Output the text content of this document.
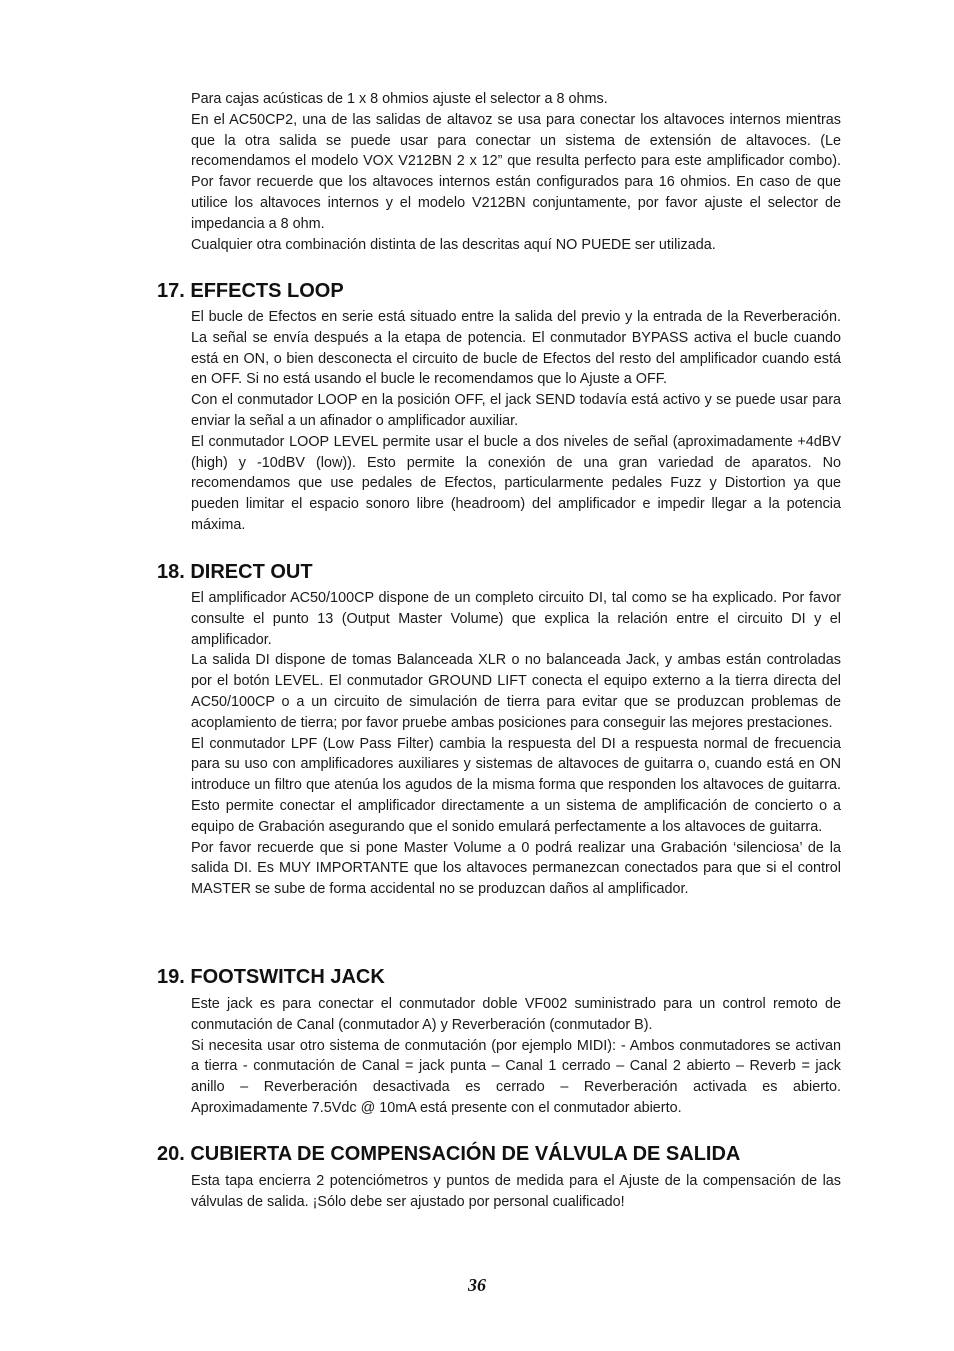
Para cajas acústicas de 1 x 8 ohmios ajuste el selector a 8 ohms.

En el AC50CP2, una de las salidas de altavoz se usa para conectar los altavoces internos mientras que la otra salida se puede usar para conectar un sistema de extensión de altavoces. (Le recomendamos el modelo VOX V212BN 2 x 12” que resulta perfecto para este amplificador combo). Por favor recuerde que los altavoces internos están configurados para 16 ohmios. En caso de que utilice los altavoces internos y el modelo V212BN conjuntamente, por favor ajuste el selector de impedancia a 8 ohm.

Cualquier otra combinación distinta de las descritas aquí NO PUEDE ser utilizada.

17. EFFECTS LOOP

El bucle de Efectos en serie está situado entre la salida del previo y la entrada de la Reverberación. La señal se envía después a la etapa de potencia. El conmutador BYPASS activa el bucle cuando está en ON, o bien desconecta el circuito de bucle de Efectos del resto del amplificador cuando está en OFF. Si no está usando el bucle le recomendamos que lo Ajuste a OFF.

Con el conmutador LOOP en la posición OFF, el jack SEND todavía está activo y se puede usar para enviar la señal a un afinador o amplificador auxiliar.

El conmutador LOOP LEVEL permite usar el bucle a dos niveles de señal (aproximadamente +4dBV (high) y -10dBV (low)). Esto permite la conexión de una gran variedad de aparatos. No recomendamos que use pedales de Efectos, particularmente pedales Fuzz y Distortion ya que pueden limitar el espacio sonoro libre (headroom) del amplificador e impedir llegar a la potencia máxima.

18. DIRECT OUT

El amplificador AC50/100CP dispone de un completo circuito DI, tal como se ha explicado. Por favor consulte el punto 13 (Output Master Volume) que explica la relación entre el circuito DI y el amplificador.

La salida DI dispone de tomas Balanceada XLR o no balanceada Jack, y ambas están controladas por el botón LEVEL. El conmutador GROUND LIFT conecta el equipo externo a la tierra directa del AC50/100CP o a un circuito de simulación de tierra para evitar que se produzcan problemas de acoplamiento de tierra; por favor pruebe ambas posiciones para conseguir las mejores prestaciones.

El conmutador LPF (Low Pass Filter) cambia la respuesta del DI a respuesta normal de frecuencia para su uso con amplificadores auxiliares y sistemas de altavoces de guitarra o, cuando está en ON introduce un filtro que atenúa los agudos de la misma forma que responden los altavoces de guitarra. Esto permite conectar el amplificador directamente a un sistema de amplificación de concierto o a equipo de Grabación asegurando que el sonido emulará perfectamente a los altavoces de guitarra.

Por favor recuerde que si pone Master Volume a 0 podrá realizar una Grabación ‘silenciosa’ de la salida DI. Es MUY IMPORTANTE que los altavoces permanezcan conectados para que si el control MASTER se sube de forma accidental no se produzcan daños al amplificador.

19. FOOTSWITCH JACK

Este jack es para conectar el conmutador doble VF002 suministrado para un control remoto de conmutación de Canal (conmutador A) y Reverberación (conmutador B).

Si necesita usar otro sistema de conmutación (por ejemplo MIDI): - Ambos conmutadores se activan a tierra - conmutación de Canal = jack punta – Canal 1 cerrado – Canal 2 abierto – Reverb = jack anillo – Reverberación desactivada es cerrado – Reverberación activada es abierto. Aproximadamente 7.5Vdc @ 10mA está presente con el conmutador abierto.

20. CUBIERTA DE COMPENSACIÓN DE VÁLVULA DE SALIDA

Esta tapa encierra 2 potenciómetros y puntos de medida para el Ajuste de la compensación de las válvulas de salida. ¡Sólo debe ser ajustado por personal cualificado!

36
